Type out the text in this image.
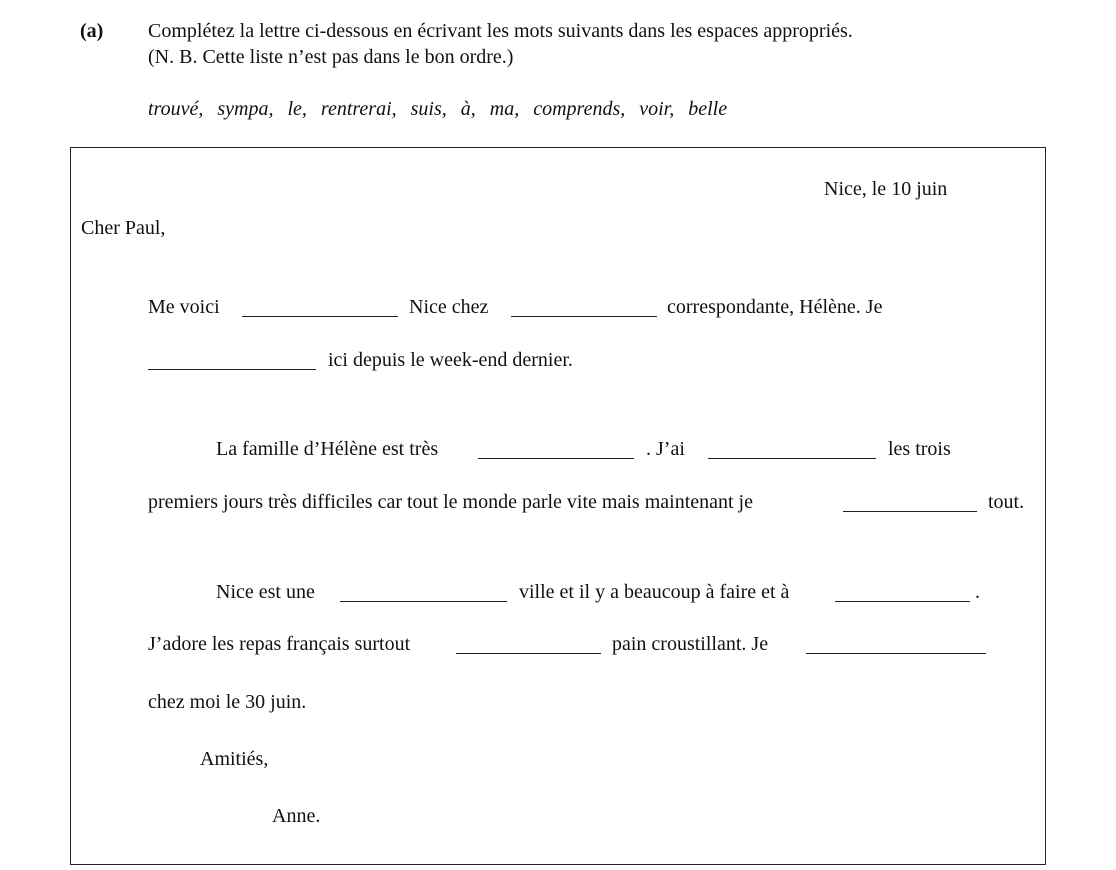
(a) Complétez la lettre ci-dessous en écrivant les mots suivants dans les espaces appropriés.
(N. B. Cette liste n’est pas dans le bon ordre.)
trouvé, sympa, le, rentrerai, suis, à, ma, comprends, voir, belle
Nice, le 10 juin
Cher Paul,
Me voici	Nice chez	correspondante, Hélène. Je
ici depuis le week-end dernier.
La famille d’Hélène est très	. J’ai	les trois
premiers jours très difficiles car tout le monde parle vite mais maintenant je	tout.
Nice est une	ville et il y a beaucoup à faire et à	.
J’adore les repas français surtout	pain croustillant. Je
chez moi le 30 juin.
Amitiés,
Anne.
